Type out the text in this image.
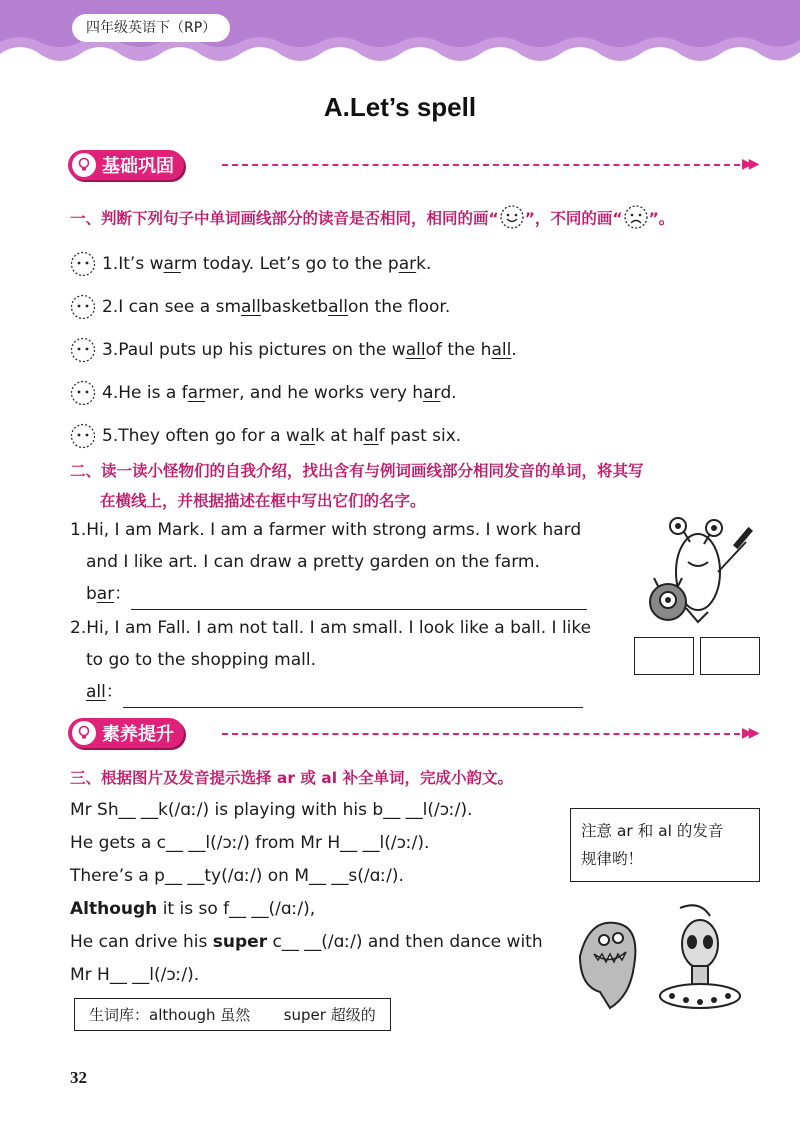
四年级英语下（RP）
A.Let’s spell
基础巩固	▶▶
一、判断下列句子中单词画线部分的读音是否相同，相同的画“ ”，不同的画“ ”。
1. It’s w ar m today. Let’s go to the p ar k.
2. I can see a sm all basketb all on the floor.
3. Paul puts up his pictures on the w all of the h all .
4. He is a f ar mer, and he works very h ar d.
5. They often go for a w al k at h al f past six.
二、读一读小怪物们的自我介绍，找出含有与例词画线部分相同发音的单词，将其写
在横线上，并根据描述在框中写出它们的名字。
1.Hi, I am Mark. I am a farmer with strong arms. I work hard
and I like art. I can draw a pretty garden on the farm.
bar：
2.Hi, I am Fall. I am not tall. I am small. I look like a ball. I like
to go to the shopping mall.
all：
素养提升	▶▶
三、根据图片及发音提示选择 ar 或 al 补全单词，完成小韵文。
Mr Sh__ __k(/ɑː/) is playing with his b__ __l(/ɔː/).
He gets a c__ __l(/ɔː/) from Mr H__ __l(/ɔː/).
There’s a p__ __ty(/ɑː/) on M__ __s(/ɑː/).
Although it is so f__ __(/ɑː/),
He can drive his super c__ __(/ɑː/) and then dance with
Mr H__ __l(/ɔː/).
注意 ar 和 al 的发音
规律哟！
生词库：although 虽然 super 超级的
32
